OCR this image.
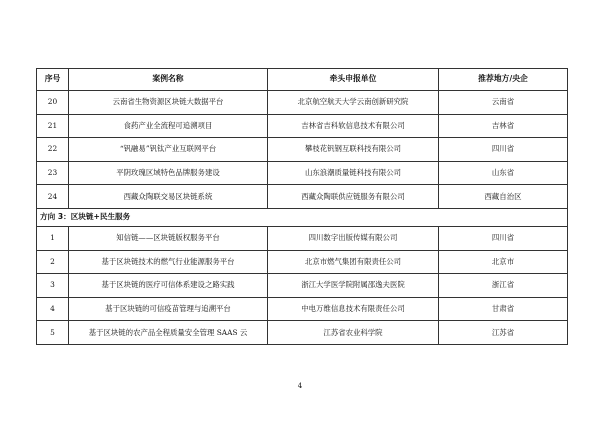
序号	案例名称	牵头申报单位	推荐地方/央企
20	云南省生物资源区块链大数据平台	北京航空航天大学云南创新研究院	云南省
21	食药产业全流程可追溯项目	吉林省吉科软信息技术有限公司	吉林省
22	“钒融易”钒钛产业互联网平台	攀枝花钒钢互联科技有限公司	四川省
23	平阴玫瑰区域特色品牌服务建设	山东浪潮质量链科技有限公司	山东省
24	西藏众陶联交易区块链系统	西藏众陶联供应链服务有限公司	西藏自治区
方向 3：区块链+民生服务			
1	知信链——区块链版权服务平台	四川数字出版传媒有限公司	四川省
2	基于区块链技术的燃气行业能源服务平台	北京市燃气集团有限责任公司	北京市
3	基于区块链的医疗可信体系建设之路实践	浙江大学医学院附属邵逸夫医院	浙江省
4	基于区块链的可信疫苗管理与追溯平台	中电万维信息技术有限责任公司	甘肃省
5	基于区块链的农产品全程质量安全管理 SAAS 云	江苏省农业科学院	江苏省
4
